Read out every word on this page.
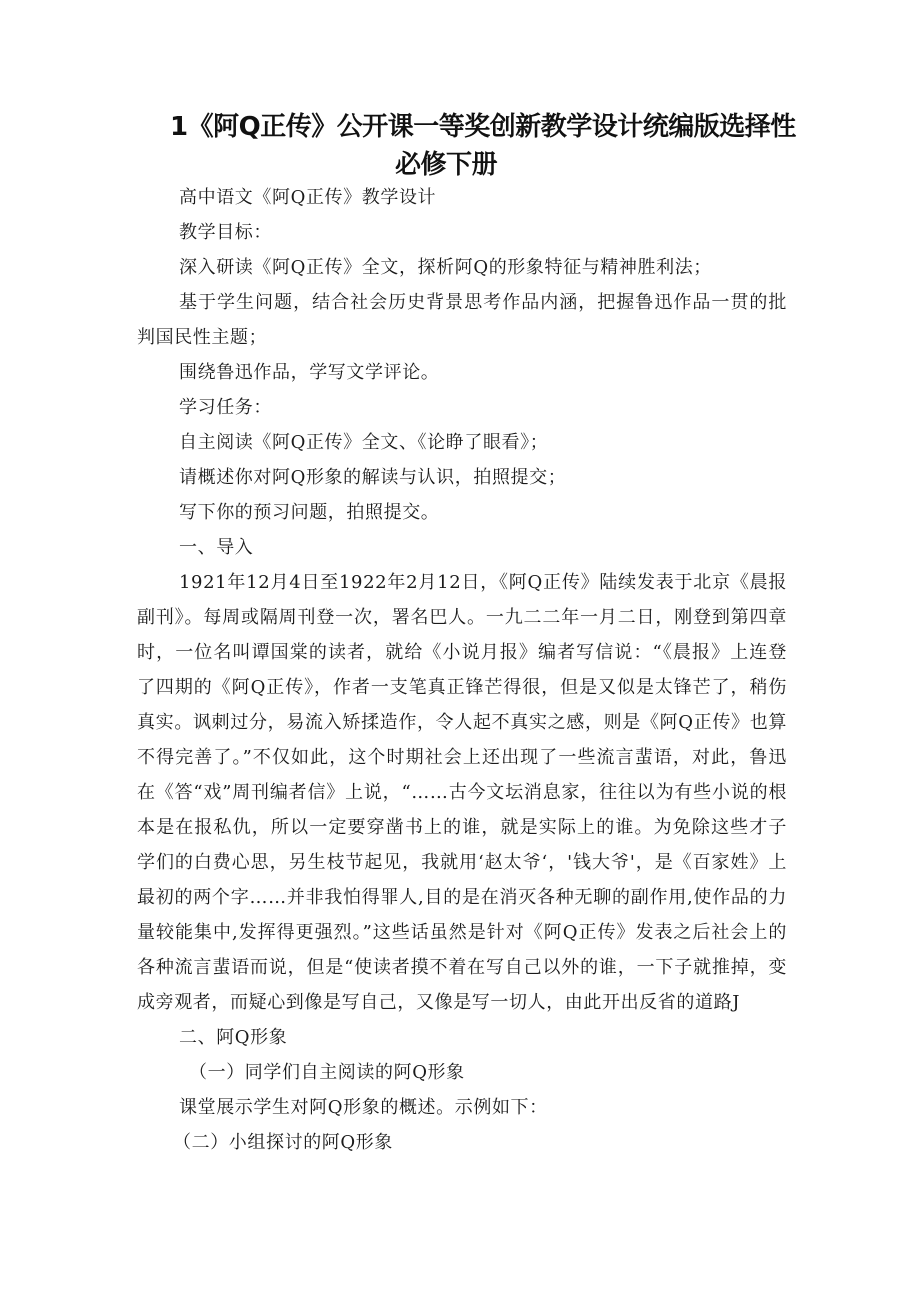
1《阿Q正传》公开课一等奖创新教学设计统编版选择性
必修下册

高中语文《阿Q正传》教学设计

教学目标：

深入研读《阿Q正传》全文，探析阿Q的形象特征与精神胜利法；

基于学生问题，结合社会历史背景思考作品内涵，把握鲁迅作品一贯的批判国民性主题；

围绕鲁迅作品，学写文学评论。

学习任务：

自主阅读《阿Q正传》全文、《论睁了眼看》；

请概述你对阿Q形象的解读与认识，拍照提交；

写下你的预习问题，拍照提交。

一、导入

1921年12月4日至1922年2月12日，《阿Q正传》陆续发表于北京《晨报副刊》。每周或隔周刊登一次，署名巴人。一九二二年一月二日，刚登到第四章时，一位名叫谭国棠的读者，就给《小说月报》编者写信说：“《晨报》上连登了四期的《阿Q正传》，作者一支笔真正锋芒得很，但是又似是太锋芒了，稍伤真实。讽刺过分，易流入矫揉造作，令人起不真实之感，则是《阿Q正传》也算不得完善了。”不仅如此，这个时期社会上还出现了一些流言蜚语，对此，鲁迅在《答“戏”周刊编者信》上说，“……古今文坛消息家，往往以为有些小说的根本是在报私仇，所以一定要穿凿书上的谁，就是实际上的谁。为免除这些才子学们的白费心思，另生枝节起见，我就用‘赵太爷‘，'钱大爷'，是《百家姓》上最初的两个字……并非我怕得罪人,目的是在消灭各种无聊的副作用,使作品的力量较能集中,发挥得更强烈。”这些话虽然是针对《阿Q正传》发表之后社会上的各种流言蜚语而说，但是“使读者摸不着在写自己以外的谁，一下子就推掉，变成旁观者，而疑心到像是写自己，又像是写一切人，由此开出反省的道路J

二、阿Q形象

（一）同学们自主阅读的阿Q形象

课堂展示学生对阿Q形象的概述。示例如下：

（二）小组探讨的阿Q形象
